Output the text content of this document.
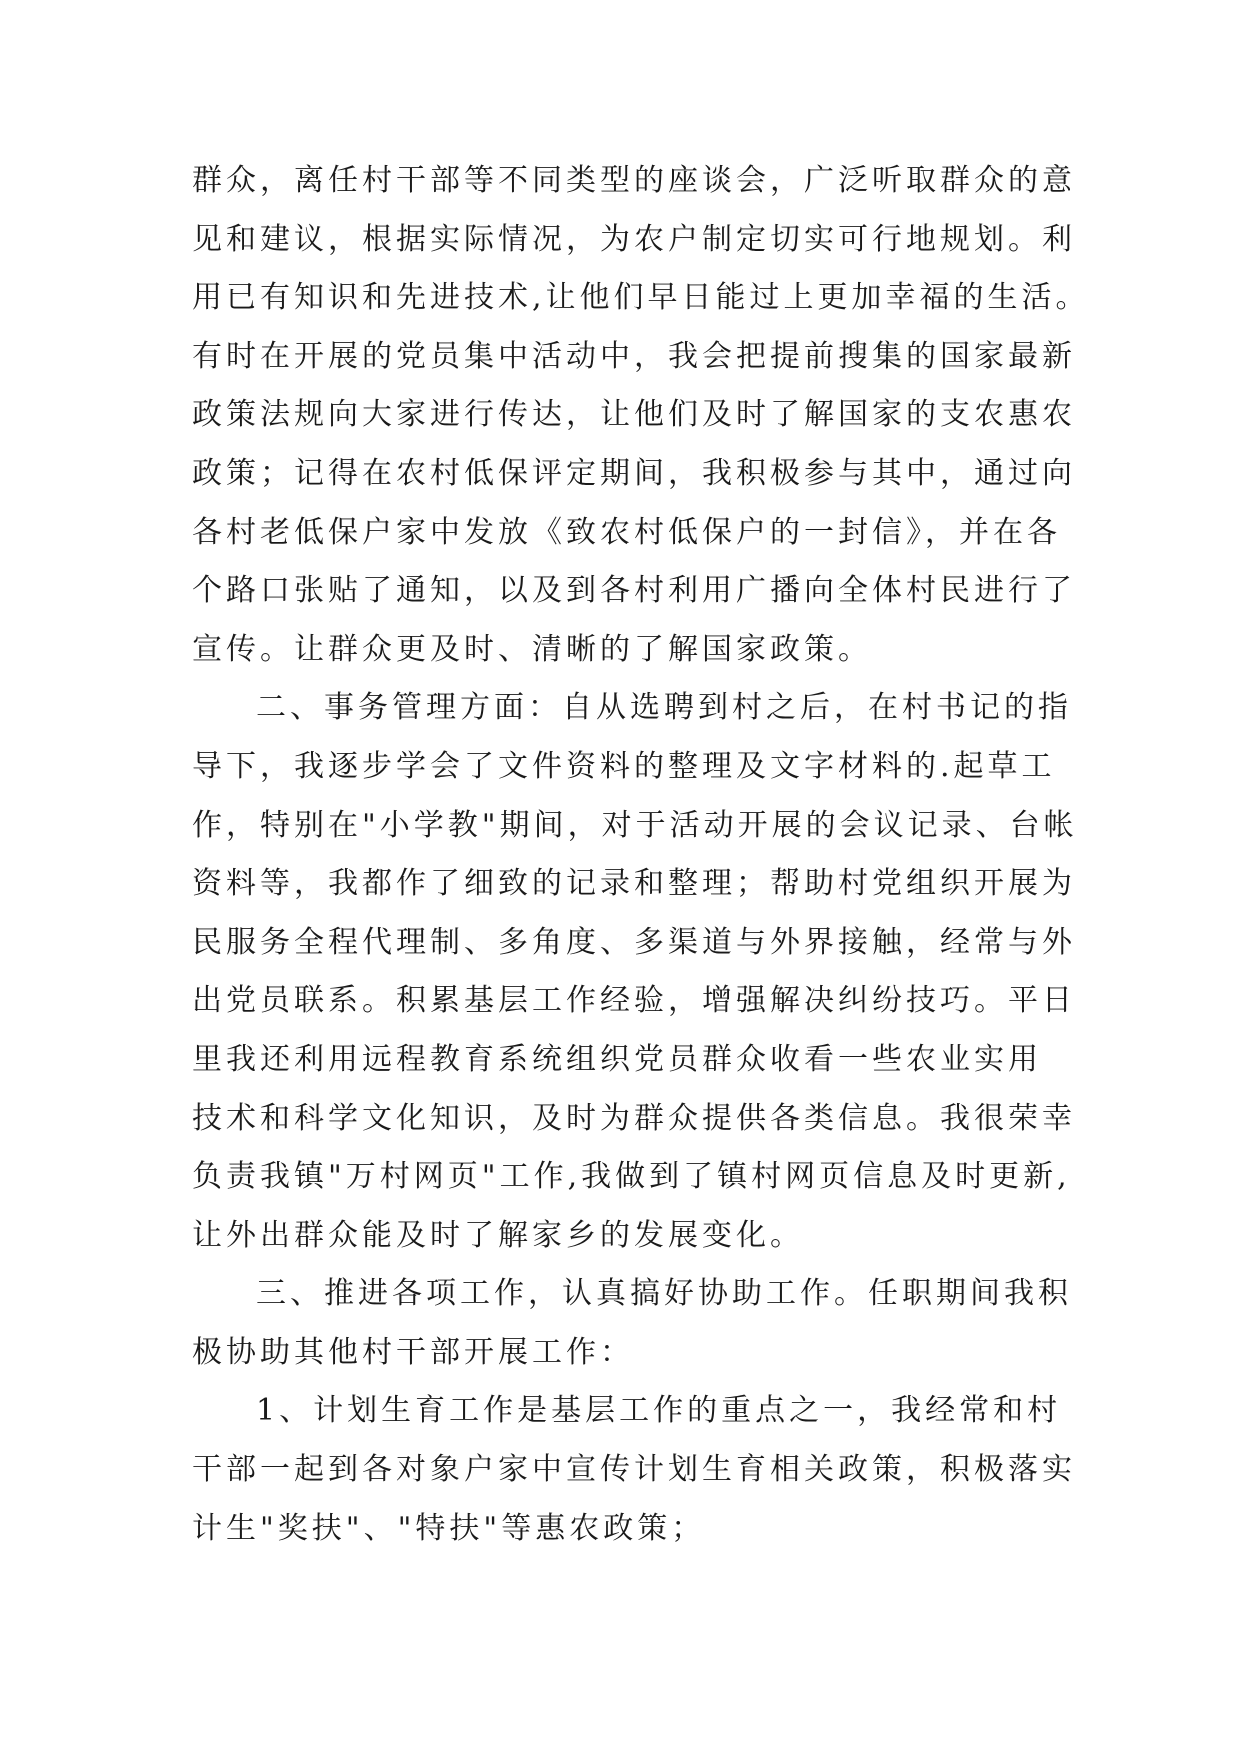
群众，离任村干部等不同类型的座谈会，广泛听取群众的意
见和建议，根据实际情况，为农户制定切实可行地规划。利
用已有知识和先进技术,让他们早日能过上更加幸福的生活。
有时在开展的党员集中活动中，我会把提前搜集的国家最新
政策法规向大家进行传达，让他们及时了解国家的支农惠农
政策；记得在农村低保评定期间，我积极参与其中，通过向
各村老低保户家中发放《致农村低保户的一封信》，并在各
个路口张贴了通知，以及到各村利用广播向全体村民进行了
宣传。让群众更及时、清晰的了解国家政策。
二、事务管理方面：自从选聘到村之后，在村书记的指
导下，我逐步学会了文件资料的整理及文字材料的.起草工
作，特别在"小学教"期间，对于活动开展的会议记录、台帐
资料等，我都作了细致的记录和整理；帮助村党组织开展为
民服务全程代理制、多角度、多渠道与外界接触，经常与外
出党员联系。积累基层工作经验，增强解决纠纷技巧。平日
里我还利用远程教育系统组织党员群众收看一些农业实用
技术和科学文化知识，及时为群众提供各类信息。我很荣幸
负责我镇"万村网页"工作,我做到了镇村网页信息及时更新,
让外出群众能及时了解家乡的发展变化。
三、推进各项工作，认真搞好协助工作。任职期间我积
极协助其他村干部开展工作：
1、计划生育工作是基层工作的重点之一，我经常和村
干部一起到各对象户家中宣传计划生育相关政策，积极落实
计生"奖扶"、"特扶"等惠农政策；
